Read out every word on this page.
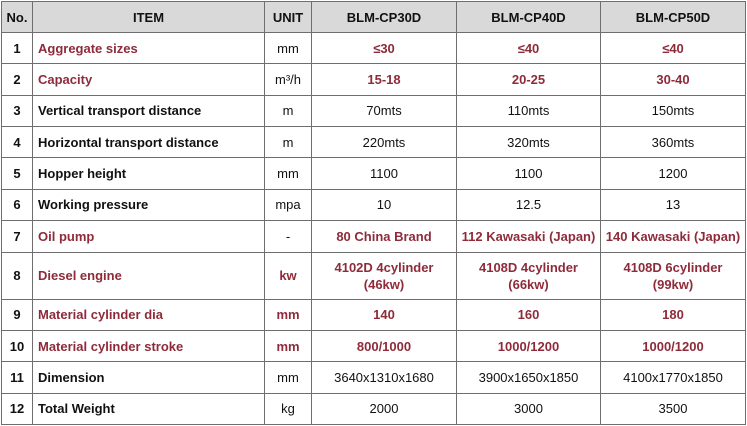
No.	ITEM	UNIT	BLM-CP30D	BLM-CP40D	BLM-CP50D
1	Aggregate sizes	mm	≤30	≤40	≤40
2	Capacity	m³/h	15-18	20-25	30-40
3	Vertical transport distance	m	70mts	110mts	150mts
4	Horizontal transport distance	m	220mts	320mts	360mts
5	Hopper height	mm	1100	1100	1200
6	Working pressure	mpa	10	12.5	13
7	Oil pump	-	80 China Brand	112 Kawasaki (Japan)	140 Kawasaki (Japan)
8	Diesel engine	kw	4102D 4cylinder (46kw)	4108D 4cylinder (66kw)	4108D 6cylinder (99kw)
9	Material cylinder dia	mm	140	160	180
10	Material cylinder stroke	mm	800/1000	1000/1200	1000/1200
11	Dimension	mm	3640x1310x1680	3900x1650x1850	4100x1770x1850
12	Total Weight	kg	2000	3000	3500
